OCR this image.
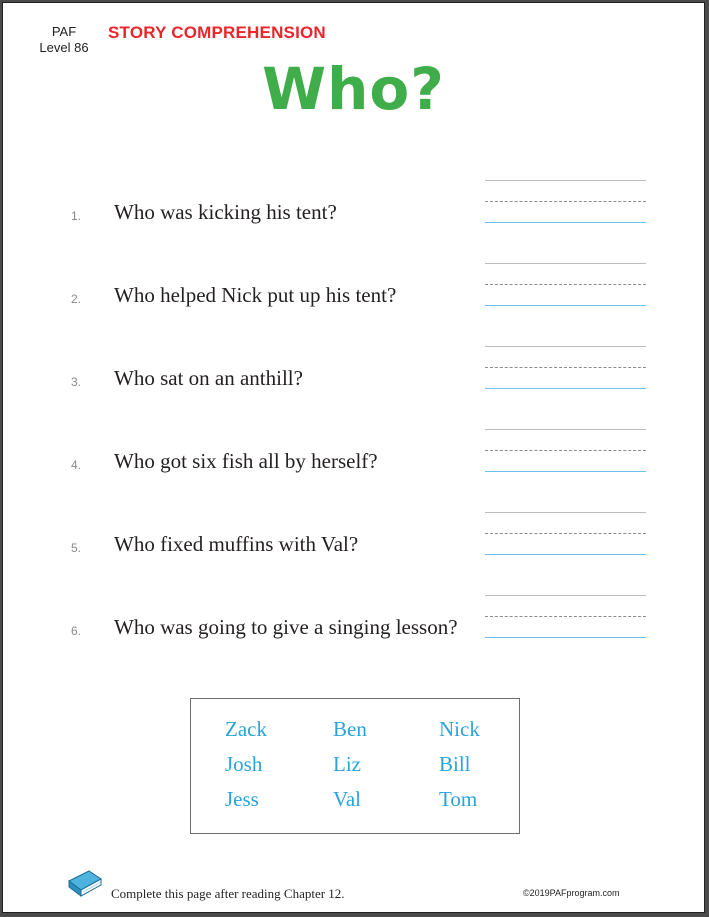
PAF
Level 86
STORY COMPREHENSION
Who?
1. Who was kicking his tent?
2. Who helped Nick put up his tent?
3. Who sat on an anthill?
4. Who got six fish all by herself?
5. Who fixed muffins with Val?
6. Who was going to give a singing lesson?
Zack	Ben	Nick
Josh	Liz	Bill
Jess	Val	Tom
Complete this page after reading Chapter 12.	©2019PAFprogram.com
